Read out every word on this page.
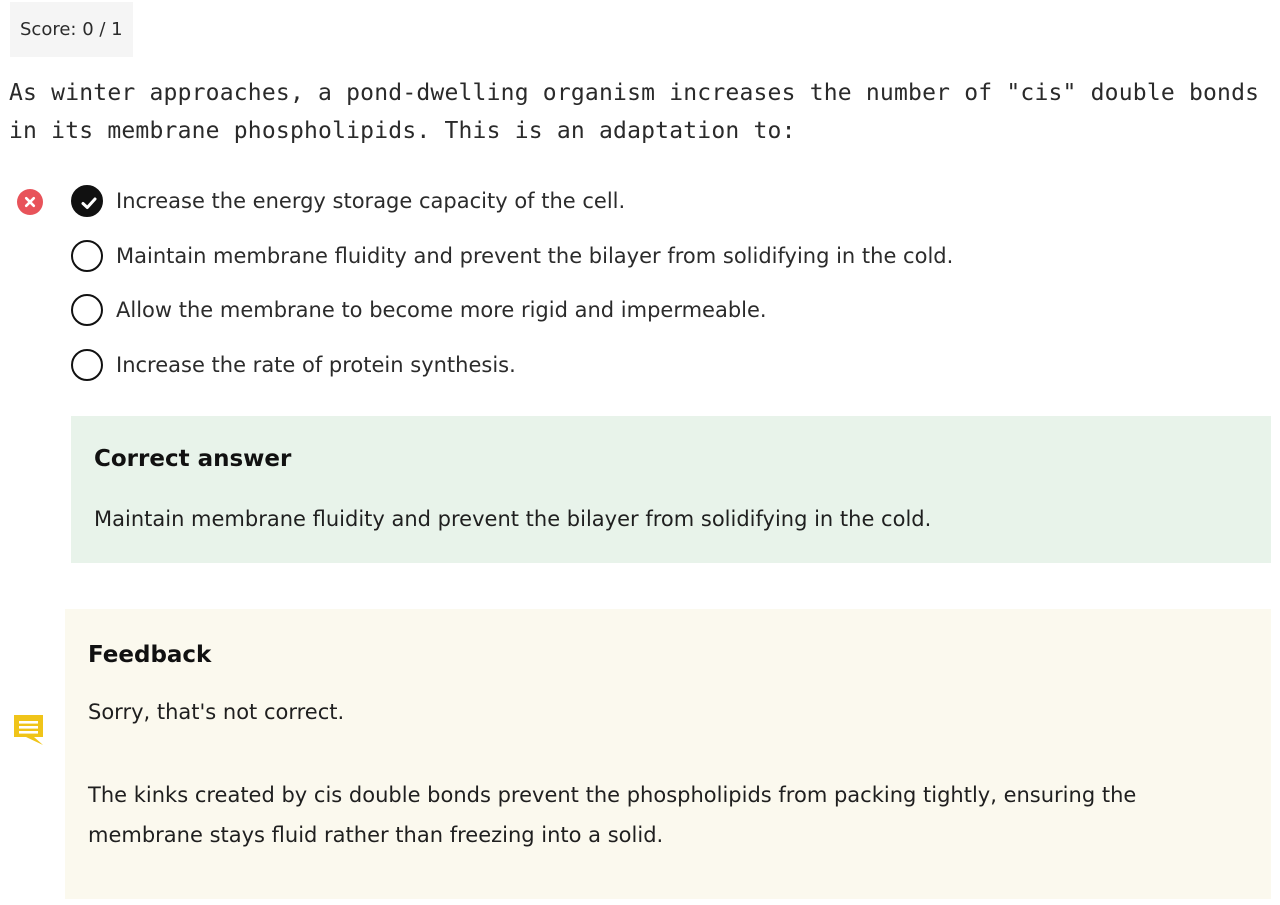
Score: 0 / 1
As winter approaches, a pond-dwelling organism increases the number of "cis" double bonds in its membrane phospholipids. This is an adaptation to:
Increase the energy storage capacity of the cell.
Maintain membrane fluidity and prevent the bilayer from solidifying in the cold.
Allow the membrane to become more rigid and impermeable.
Increase the rate of protein synthesis.
Correct answer
Maintain membrane fluidity and prevent the bilayer from solidifying in the cold.
Feedback
Sorry, that's not correct.
The kinks created by cis double bonds prevent the phospholipids from packing tightly, ensuring the membrane stays fluid rather than freezing into a solid.
